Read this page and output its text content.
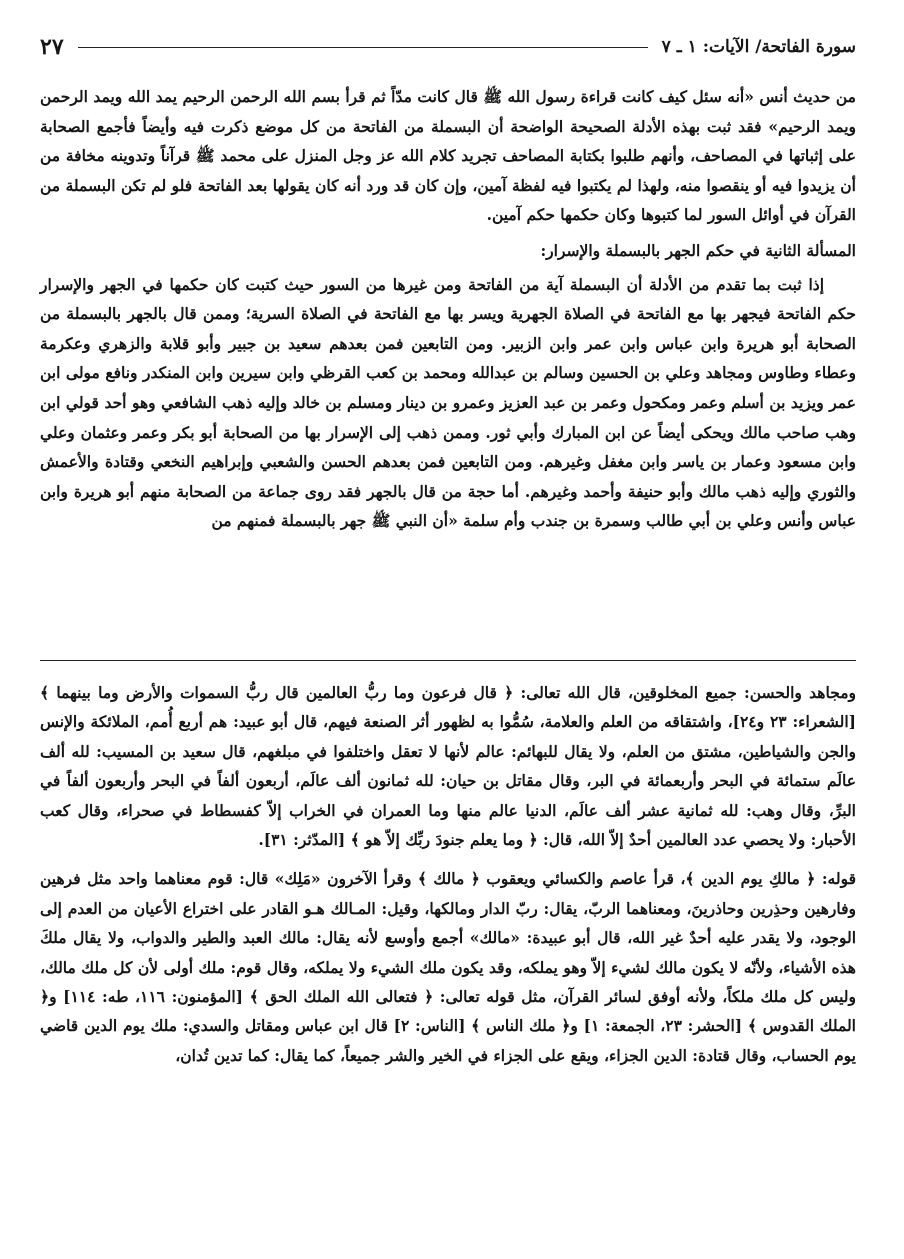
سورة الفاتحة/ الآيات: ١ ـ ٧
٢٧

من حديث أنس «أنه سئل كيف كانت قراءة رسول الله ﷺ قال كانت مدّاً ثم قرأ بسم الله الرحمن الرحيم يمد الله ويمد الرحمن ويمد الرحيم» فقد ثبت بهذه الأدلة الصحيحة الواضحة أن البسملة من الفاتحة من كل موضع ذكرت فيه وأيضاً فأجمع الصحابة على إثباتها في المصاحف، وأنهم طلبوا بكتابة المصاحف تجريد كلام الله عز وجل المنزل على محمد ﷺ قرآناً وتدوينه مخافة من أن يزيدوا فيه أو ينقصوا منه، ولهذا لم يكتبوا فيه لفظة آمين، وإن كان قد ورد أنه كان يقولها بعد الفاتحة فلو لم تكن البسملة من القرآن في أوائل السور لما كتبوها وكان حكمها حكم آمين.

المسألة الثانية في حكم الجهر بالبسملة والإسرار:

إذا ثبت بما تقدم من الأدلة أن البسملة آية من الفاتحة ومن غيرها من السور حيث كتبت كان حكمها في الجهر والإسرار حكم الفاتحة فيجهر بها مع الفاتحة في الصلاة الجهرية ويسر بها مع الفاتحة في الصلاة السرية؛ وممن قال بالجهر بالبسملة من الصحابة أبو هريرة وابن عباس وابن عمر وابن الزبير. ومن التابعين فمن بعدهم سعيد بن جبير وأبو قلابة والزهري وعكرمة وعطاء وطاوس ومجاهد وعلي بن الحسين وسالم بن عبدالله ومحمد بن كعب القرظي وابن سيرين وابن المنكدر ونافع مولى ابن عمر ويزيد بن أسلم وعمر ومكحول وعمر بن عبد العزيز وعمرو بن دينار ومسلم بن خالد وإليه ذهب الشافعي وهو أحد قولي ابن وهب صاحب مالك ويحكى أيضاً عن ابن المبارك وأبي ثور. وممن ذهب إلى الإسرار بها من الصحابة أبو بكر وعمر وعثمان وعلي وابن مسعود وعمار بن ياسر وابن مغفل وغيرهم. ومن التابعين فمن بعدهم الحسن والشعبي وإبراهيم النخعي وقتادة والأعمش والثوري وإليه ذهب مالك وأبو حنيفة وأحمد وغيرهم. أما حجة من قال بالجهر فقد روى جماعة من الصحابة منهم أبو هريرة وابن عباس وأنس وعلي بن أبي طالب وسمرة بن جندب وأم سلمة «أن النبي ﷺ جهر بالبسملة فمنهم من

ومجاهد والحسن: جميع المخلوقين، قال الله تعالى: ﴿ قال فرعون وما ربُّ العالمين قال ربُّ السموات والأرض وما بينهما ﴾ [الشعراء: ٢٣ و٢٤]، واشتقاقه من العلم والعلامة، سُمُّوا به لظهور أثر الصنعة فيهم، قال أبو عبيد: هم أربع أُمم، الملائكة والإنس والجن والشياطين، مشتق من العلم، ولا يقال للبهائم: عالم لأنها لا تعقل واختلفوا في مبلغهم، قال سعيد بن المسيب: لله ألف عالَم ستمائة في البحر وأربعمائة في البر، وقال مقاتل بن حيان: لله ثمانون ألف عالَم، أربعون ألفاً في البحر وأربعون ألفاً في البرِّ، وقال وهب: لله ثمانية عشر ألف عالَم، الدنيا عالم منها وما العمران في الخراب إلاّ كفسطاط في صحراء، وقال كعب الأحبار: ولا يحصي عدد العالمين أحدٌ إلاّ الله، قال: ﴿ وما يعلم جنودَ ربِّك إلاّ هو ﴾ [المدّثر: ٣١].

قوله: ﴿ مالكِ يوم الدين ﴾، قرأ عاصم والكسائي ويعقوب ﴿ مالك ﴾ وقرأ الآخرون «مَلِك» قال: قوم معناهما واحد مثل فرهين وفارهين وحذِرين وحاذرينَ، ومعناهما الربّ، يقال: ربّ الدار ومالكها، وقيل: المـالك هـو القادر على اختراع الأعيان من العدم إلى الوجود، ولا يقدر عليه أحدٌ غير الله، قال أبو عبيدة: «مالك» أجمع وأوسع لأنه يقال: مالك العبد والطير والدواب، ولا يقال ملكَ هذه الأشياء، ولأنّه لا يكون مالك لشيء إلاّ وهو يملكه، وقد يكون ملك الشيء ولا يملكه، وقال قوم: ملك أولى لأن كل ملك مالك، وليس كل ملك ملكاً، ولأنه أوفق لسائر القرآن، مثل قوله تعالى: ﴿ فتعالى الله الملك الحق ﴾ [المؤمنون: ١١٦، طه: ١١٤] و﴿ الملك القدوس ﴾ [الحشر: ٢٣، الجمعة: ١] و﴿ ملك الناس ﴾ [الناس: ٢] قال ابن عباس ومقاتل والسدي: ملك يوم الدين قاضي يوم الحساب، وقال قتادة: الدين الجزاء، ويقع على الجزاء في الخير والشر جميعاً، كما يقال: كما تدين تُدان،
